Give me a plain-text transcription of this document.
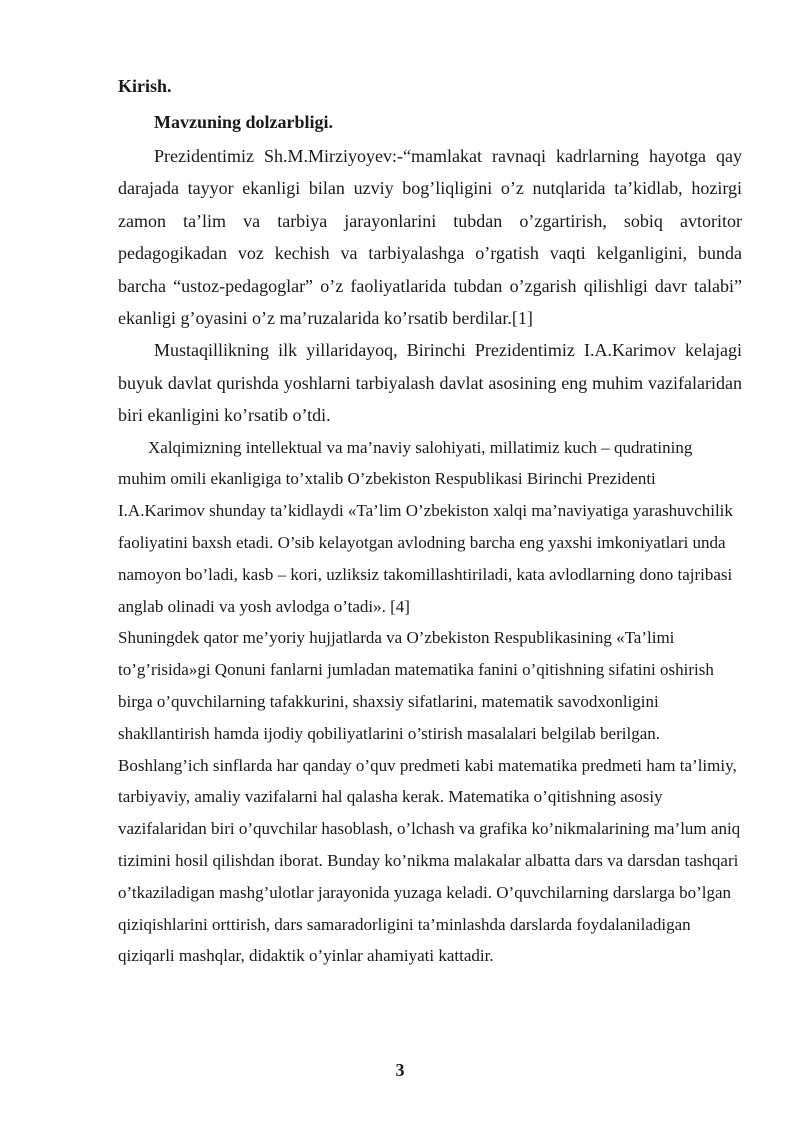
Kirish.

Mavzuning dolzarbligi.

Prezidentimiz Sh.M.Mirziyoyev:-“mamlakat ravnaqi kadrlarning hayotga qay darajada tayyor ekanligi bilan uzviy bog’liqligini o’z nutqlarida ta’kidlab, hozirgi zamon ta’lim va tarbiya jarayonlarini tubdan o’zgartirish, sobiq avtoritor pedagogikadan voz kechish va tarbiyalashga o’rgatish vaqti kelganligini, bunda barcha “ustoz-pedagoglar” o’z faoliyatlarida tubdan o’zgarish qilishligi davr talabi” ekanligi g’oyasini o’z ma’ruzalarida ko’rsatib berdilar.[1]

Mustaqillikning ilk yillaridayoq, Birinchi Prezidentimiz I.A.Karimov kelajagi buyuk davlat qurishda yoshlarni tarbiyalash davlat asosining eng muhim vazifalaridan biri ekanligini ko’rsatib o’tdi.

Xalqimizning intellektual va ma’naviy salohiyati, millatimiz kuch – qudratining muhim omili ekanligiga to’xtalib O’zbekiston Respublikasi Birinchi Prezidenti I.A.Karimov shunday ta’kidlaydi «Ta’lim O’zbekiston xalqi ma’naviyatiga yarashuvchilik faoliyatini baxsh etadi. O’sib kelayotgan avlodning barcha eng yaxshi imkoniyatlari unda namoyon bo’ladi, kasb – kori, uzliksiz takomillashtiriladi, kata avlodlarning dono tajribasi anglab olinadi va yosh avlodga o’tadi». [4]

Shuningdek qator me’yoriy hujjatlarda va O’zbekiston Respublikasining «Ta’limi to’g’risida»gi Qonuni fanlarni jumladan matematika fanini o’qitishning sifatini oshirish birga o’quvchilarning tafakkurini, shaxsiy sifatlarini, matematik savodxonligini shakllantirish hamda ijodiy qobiliyatlarini o’stirish masalalari belgilab berilgan. Boshlang’ich sinflarda har qanday o’quv predmeti kabi matematika predmeti ham ta’limiy, tarbiyaviy, amaliy vazifalarni hal qalasha kerak. Matematika o’qitishning asosiy vazifalaridan biri o’quvchilar hasoblash, o’lchash va grafika ko’nikmalarining ma’lum aniq tizimini hosil qilishdan iborat. Bunday ko’nikma malakalar albatta dars va darsdan tashqari o’tkaziladigan mashg’ulotlar jarayonida yuzaga keladi. O’quvchilarning darslarga bo’lgan qiziqishlarini orttirish, dars samaradorligini ta’minlashda darslarda foydalaniladigan qiziqarli mashqlar, didaktik o’yinlar ahamiyati kattadir.

3
